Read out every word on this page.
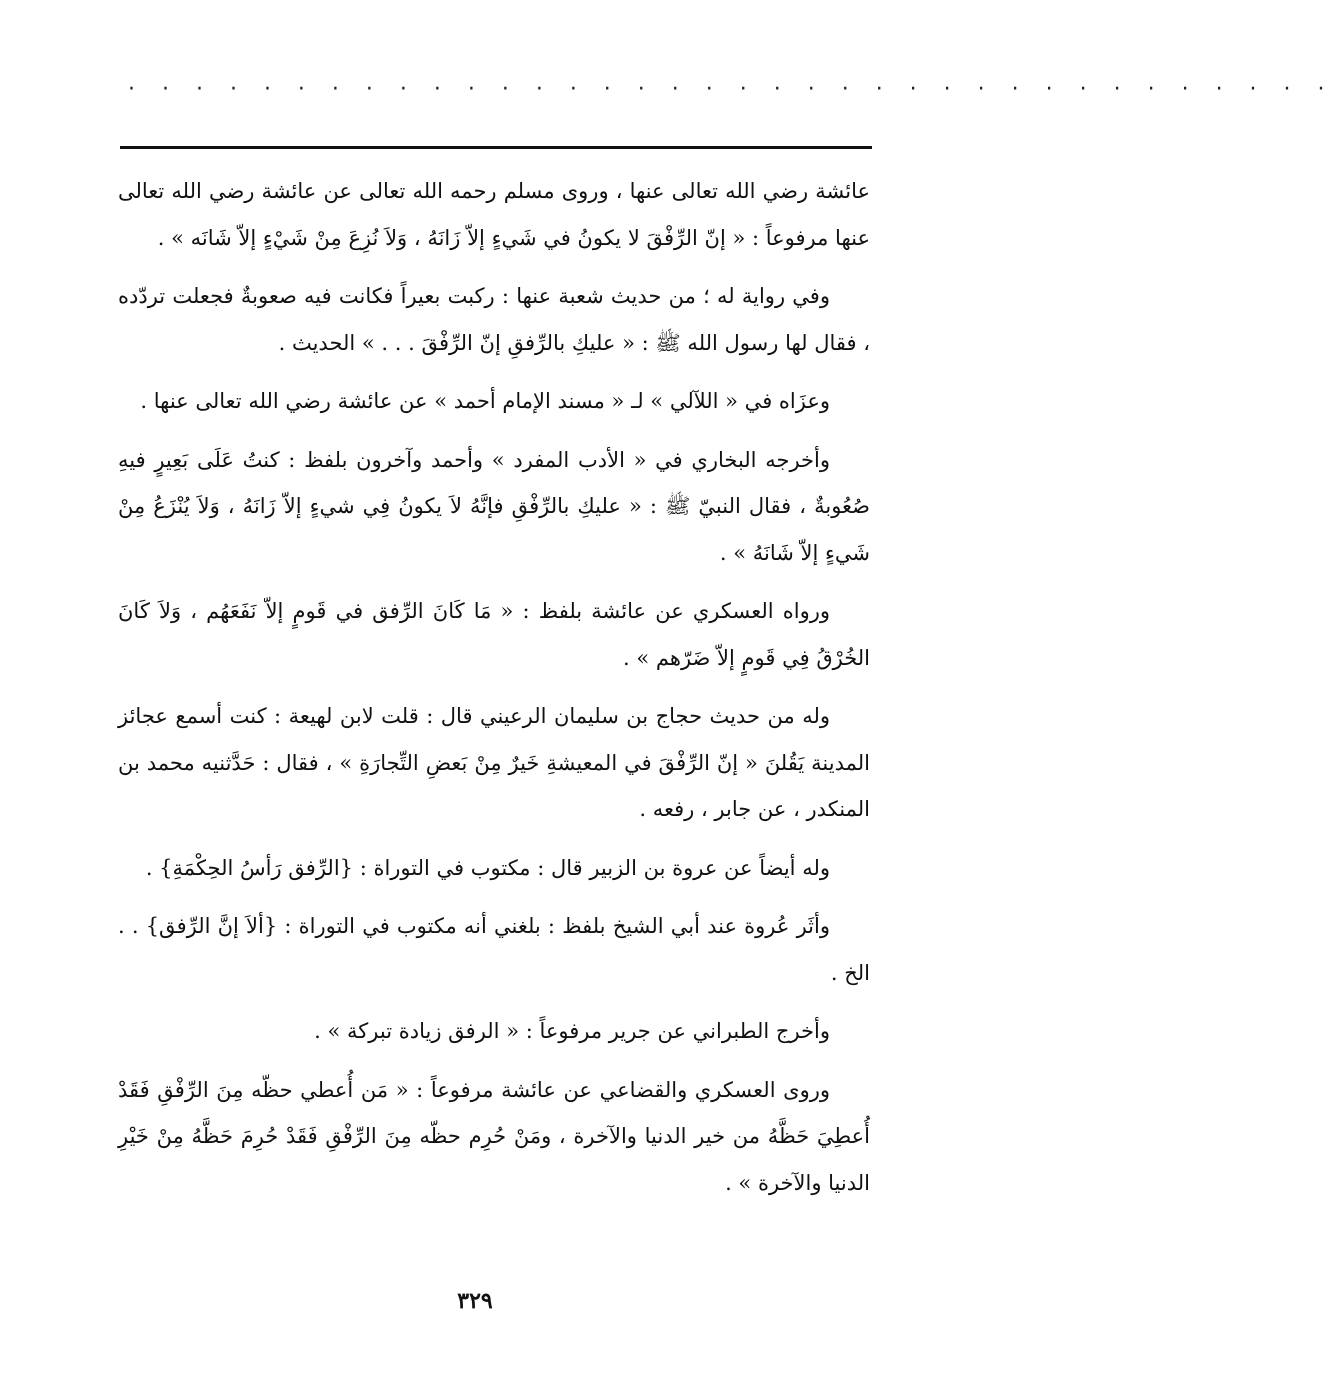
· · · · · · · · · · · · · · · · · · · · · · · · · · · · · · · · · · · ·

عائشة رضي الله تعالى عنها ، وروى مسلم رحمه الله تعالى عن عائشة رضي الله تعالى عنها مرفوعاً : « إنّ الرِّفْقَ لا يكونُ في شَيءٍ إلاّ زَانَهُ ، وَلاَ نُزِعَ مِنْ شَيْءٍ إلاّ شَانَه » .

وفي رواية له ؛ من حديث شعبة عنها : ركبت بعيراً فكانت فيه صعوبةٌ فجعلت تردّده ، فقال لها رسول الله ﷺ : « عليكِ بالرِّفقِ إنّ الرِّفْقَ . . . » الحديث .

وعزَاه في « اللآلي » لـ « مسند الإمام أحمد » عن عائشة رضي الله تعالى عنها .

وأخرجه البخاري في « الأدب المفرد » وأحمد وآخرون بلفظ : كنتُ عَلَى بَعِيرٍ فيهِ صُعُوبةٌ ، فقال النبيّ ﷺ : « عليكِ بالرِّفْقِ فإنَّهُ لاَ يكونُ فِي شيءٍ إلاّ زَانَهُ ، وَلاَ يُنْزَعُ مِنْ شَيءٍ إلاّ شَانَهُ » .

ورواه العسكري عن عائشة بلفظ : « مَا كَانَ الرِّفق في قَومٍ إلاّ نَفَعَهُم ، وَلاَ كَانَ الخُرْقُ فِي قَومٍ إلاّ ضَرّهم » .

وله من حديث حجاج بن سليمان الرعيني قال : قلت لابن لهيعة : كنت أسمع عجائز المدينة يَقُلنَ « إنّ الرِّفْقَ في المعيشةِ خَيرٌ مِنْ بَعضِ التِّجارَةِ » ، فقال : حَدَّثنيه محمد بن المنكدر ، عن جابر ، رفعه .

وله أيضاً عن عروة بن الزبير قال : مكتوب في التوراة : {الرِّفق رَأسُ الحِكْمَةِ} .

وأثَر عُروة عند أبي الشيخ بلفظ : بلغني أنه مكتوب في التوراة : {ألاَ إنَّ الرِّفق} . . الخ .

وأخرج الطبراني عن جرير مرفوعاً : « الرفق زيادة تبركة » .

وروى العسكري والقضاعي عن عائشة مرفوعاً : « مَن أُعطي حظّه مِنَ الرِّفْقِ فَقَدْ أُعطِيَ حَظَّهُ من خير الدنيا والآخرة ، ومَنْ حُرِم حظّه مِنَ الرِّفْقِ فَقَدْ حُرِمَ حَظَّهُ مِنْ خَيْرِ الدنيا والآخرة » .

٣٢٩
